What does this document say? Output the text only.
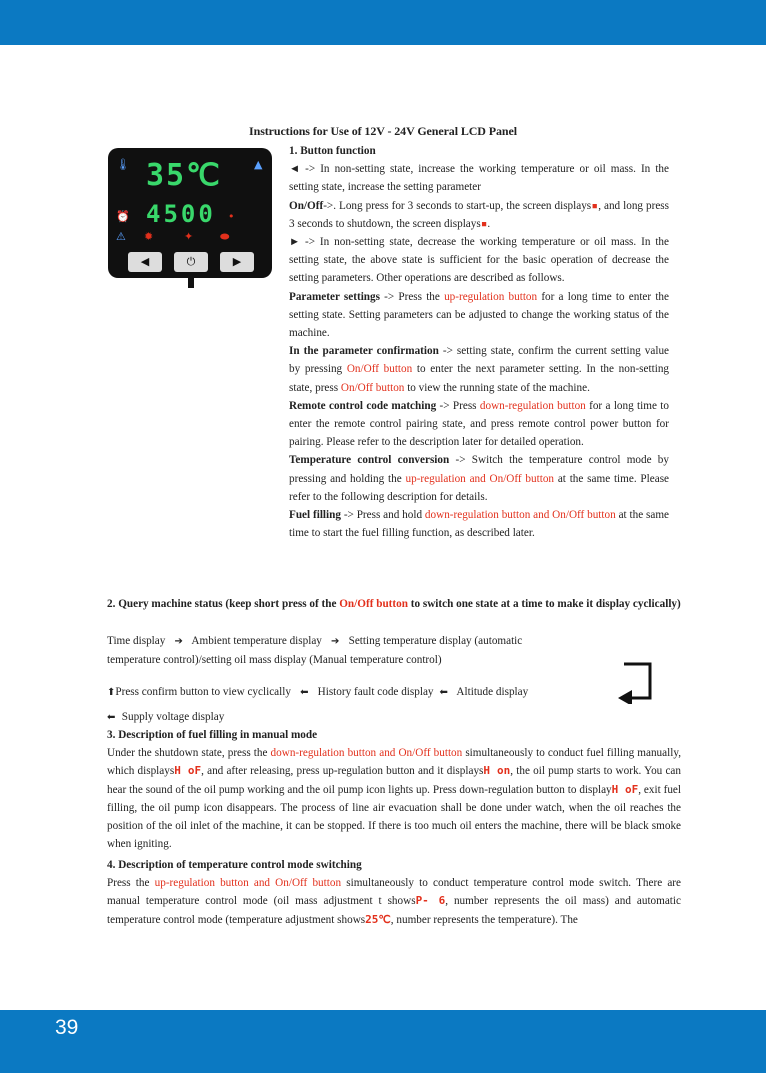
Instructions for Use of 12V - 24V General LCD Panel
🌡	▲
35℃
4500
⏰
⚠ ✹	✦ ⬬
•
◀	⏻	▶

1. Button function

◄ -> In non-setting state, increase the working temperature or oil mass. In the setting state, increase the setting parameter

On/Off->. Long press for 3 seconds to start-up, the screen displays▪, and long press 3 seconds to shutdown, the screen displays▪.

► -> In non-setting state, decrease the working temperature or oil mass. In the setting state, the above state is sufficient for the basic operation of decrease the setting parameters. Other operations are described as follows.

Parameter settings -> Press the up-regulation button for a long time to enter the setting state. Setting parameters can be adjusted to change the working status of the machine.

In the parameter confirmation -> setting state, confirm the current setting value by pressing On/Off button to enter the next parameter setting. In the non-setting state, press On/Off button to view the running state of the machine.

Remote control code matching -> Press down-regulation button for a long time to enter the remote control pairing state, and press remote control power button for pairing. Please refer to the description later for detailed operation.

Temperature control conversion -> Switch the temperature control mode by pressing and holding the up-regulation and On/Off button at the same time. Please refer to the following description for details.

Fuel filling -> Press and hold down-regulation button and On/Off button at the same time to start the fuel filling function, as described later.

2. Query machine status (keep short press of the On/Off button to switch one state at a time to make it display cyclically)

Time display   ➔   Ambient temperature display   ➔   Setting temperature display (automatic
temperature control)/setting oil mass display (Manual temperature control)
⬆Press confirm button to view cyclically   ⬅   History fault code display  ⬅   Altitude display
⬅  Supply voltage display

3. Description of fuel filling in manual mode

Under the shutdown state, press the down-regulation button and On/Off button simultaneously to conduct fuel filling manually, which displaysH oF, and after releasing, press up-regulation button and it displaysH on, the oil pump starts to work. You can hear the sound of the oil pump working and the oil pump icon lights up. Press down-regulation button to displayH oF, exit fuel filling, the oil pump icon disappears. The process of line air evacuation shall be done under watch, when the oil reaches the position of the oil inlet of the machine, it can be stopped. If there is too much oil enters the machine, there will be black smoke when igniting.

4. Description of temperature control mode switching

Press the up-regulation button and On/Off button simultaneously to conduct temperature control mode switch. There are manual temperature control mode (oil mass adjustment t showsP- 6, number represents the oil mass) and automatic temperature control mode (temperature adjustment shows25℃, number represents the temperature). The

39
